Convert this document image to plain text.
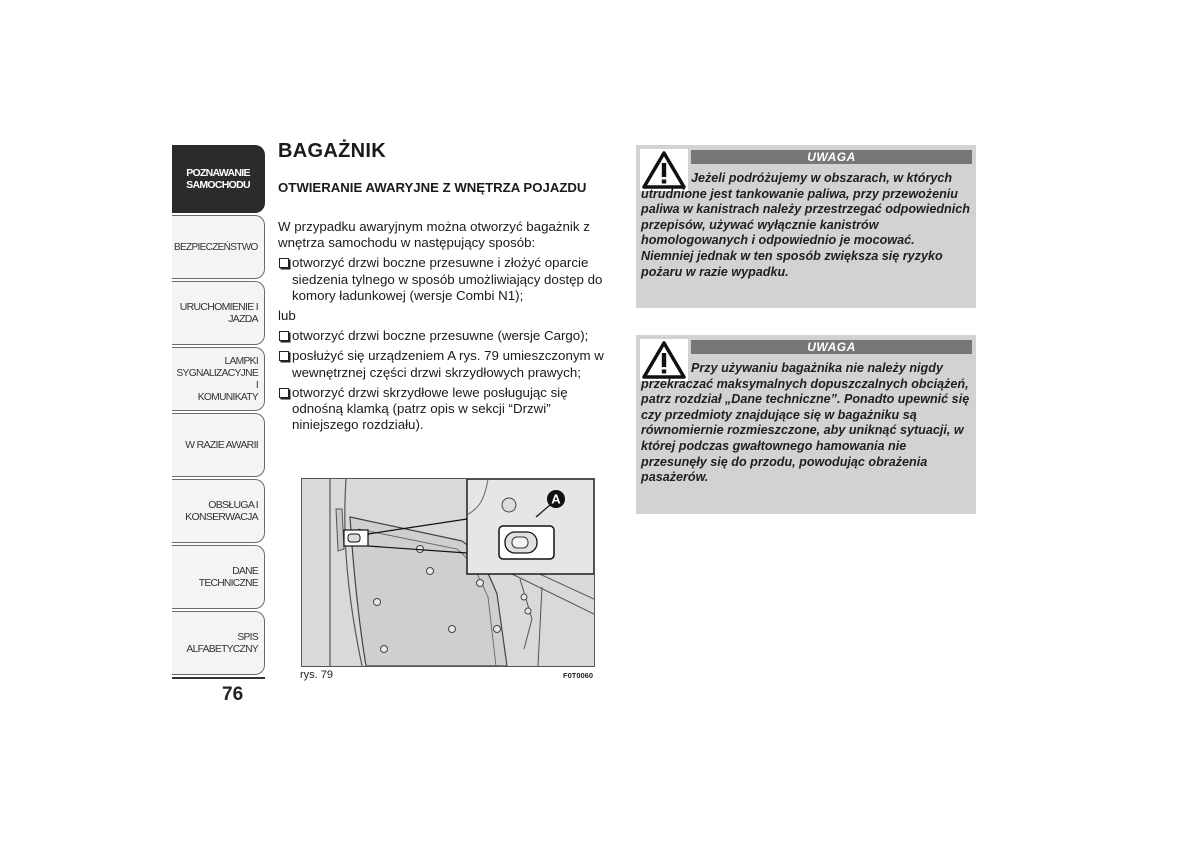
POZNAWANIE
SAMOCHODU
BEZPIECZEŃSTWO
URUCHOMIENIE I
JAZDA
LAMPKI
SYGNALIZACYJNE I
KOMUNIKATY
W RAZIE AWARII
OBSŁUGA I
KONSERWACJA
DANE TECHNICZNE
SPIS ALFABETYCZNY
76
BAGAŻNIK
OTWIERANIE AWARYJNE Z WNĘTRZA POJAZDU

W przypadku awaryjnym można otworzyć bagażnik z wnętrza samochodu w następujący sposób:

otworzyć drzwi boczne przesuwne i złożyć oparcie siedzenia tylnego w sposób umożliwiający dostęp do komory ładunkowej (wersje Combi N1);

lub

otworzyć drzwi boczne przesuwne (wersje Cargo);
posłużyć się urządzeniem A rys. 79 umieszczonym w wewnętrznej części drzwi skrzydłowych prawych;
otworzyć drzwi skrzydłowe lewe posługując się odnośną klamką (patrz opis w sekcji “Drzwi” niniejszego rozdziału).
A
rys. 79	F0T0060
UWAGA
Jeżeli podróżujemy w obszarach, w których utrudnione jest tankowanie paliwa, przy przewożeniu paliwa w kanistrach należy przestrzegać odpowiednich przepisów, używać wyłącznie kanistrów homologowanych i odpowiednio je mocować. Niemniej jednak w ten sposób zwiększa się ryzyko pożaru w razie wypadku.
UWAGA
Przy używaniu bagażnika nie należy nigdy przekraczać maksymalnych dopuszczalnych obciążeń, patrz rozdział „Dane techniczne”. Ponadto upewnić się czy przedmioty znajdujące się w bagażniku są równomiernie rozmieszczone, aby uniknąć sytuacji, w której podczas gwałtownego hamowania nie przesunęły się do przodu, powodując obrażenia pasażerów.
